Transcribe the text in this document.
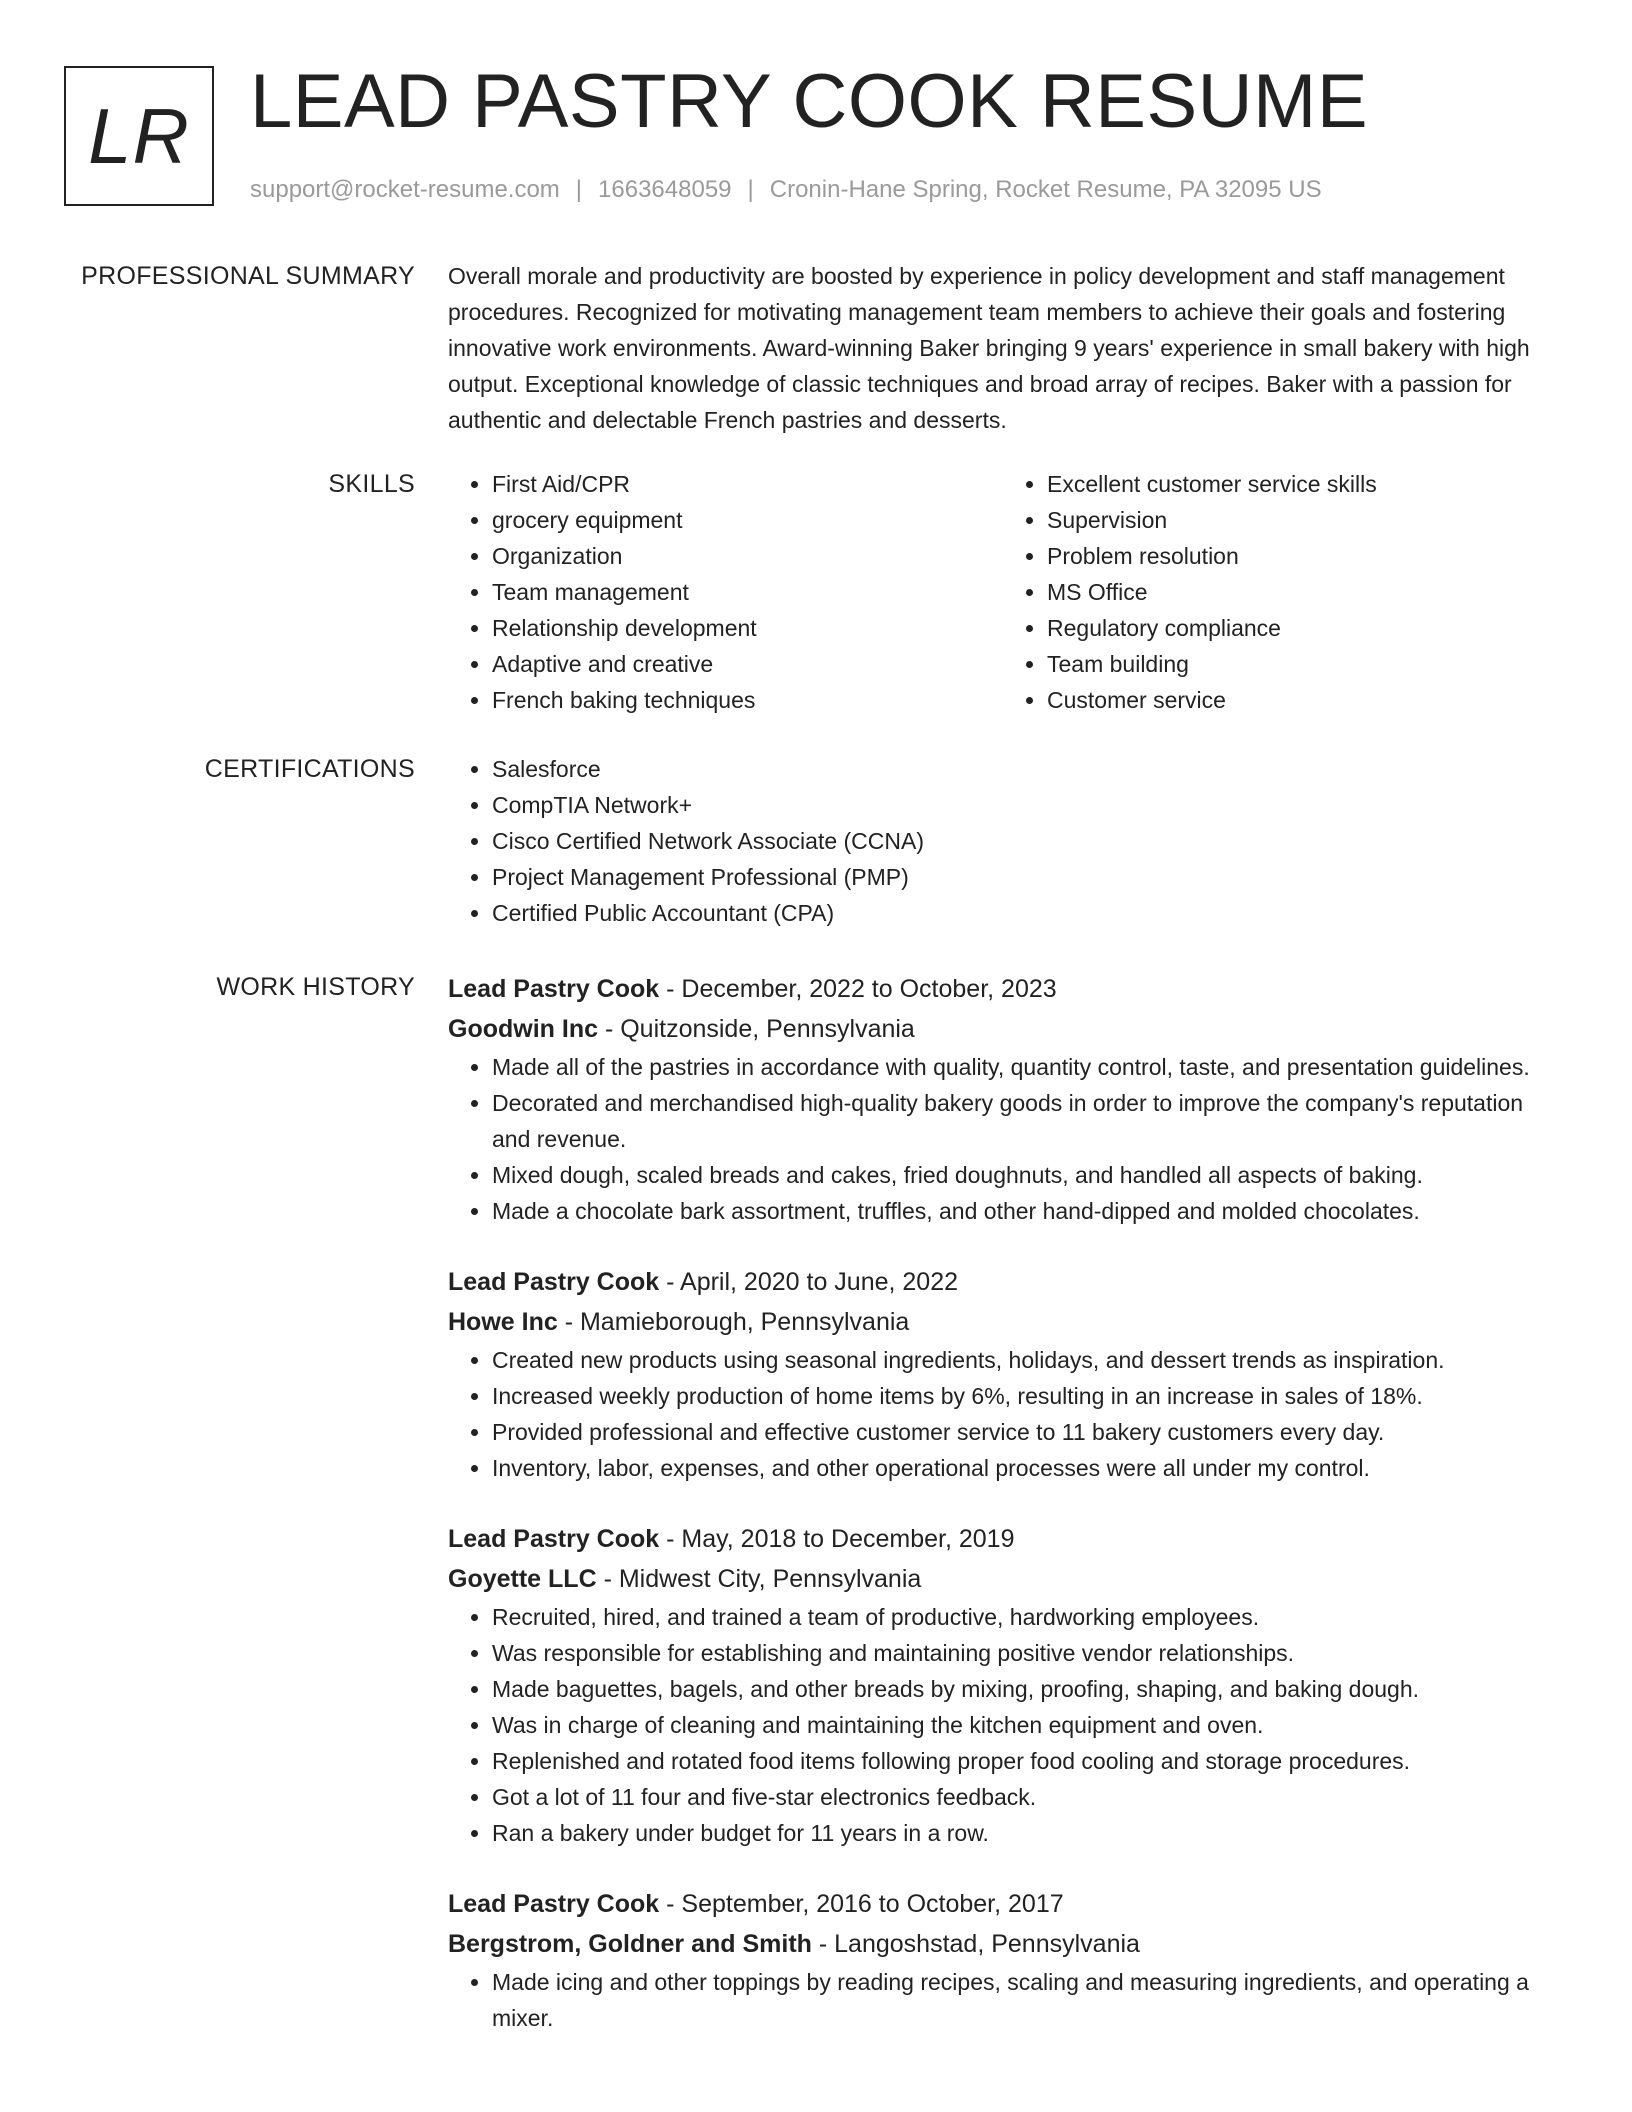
LR LEAD PASTRY COOK RESUME
support@rocket-resume.com | 1663648059 | Cronin-Hane Spring, Rocket Resume, PA 32095 US
PROFESSIONAL SUMMARY Overall morale and productivity are boosted by experience in policy development and staff management procedures. Recognized for motivating management team members to achieve their goals and fostering innovative work environments. Award-winning Baker bringing 9 years' experience in small bakery with high output. Exceptional knowledge of classic techniques and broad array of recipes. Baker with a passion for authentic and delectable French pastries and desserts.

SKILLS	• First Aid/CPR
• grocery equipment
• Organization
• Team management
• Relationship development
• Adaptive and creative
• French baking techniques
• Excellent customer service skills
• Supervision
• Problem resolution
• MS Office
• Regulatory compliance
• Team building
• Customer service
CERTIFICATIONS	• Salesforce
• CompTIA Network+
• Cisco Certified Network Associate (CCNA)
• Project Management Professional (PMP)
• Certified Public Accountant (CPA)
WORK HISTORY Lead Pastry Cook - December, 2022 to October, 2023
Goodwin Inc - Quitzonside, Pennsylvania
• Made all of the pastries in accordance with quality, quantity control, taste, and presentation guidelines.
• Decorated and merchandised high-quality bakery goods in order to improve the company's reputation and revenue.
• Mixed dough, scaled breads and cakes, fried doughnuts, and handled all aspects of baking.
• Made a chocolate bark assortment, truffles, and other hand-dipped and molded chocolates.
Lead Pastry Cook - April, 2020 to June, 2022
Howe Inc - Mamieborough, Pennsylvania
• Created new products using seasonal ingredients, holidays, and dessert trends as inspiration.
• Increased weekly production of home items by 6%, resulting in an increase in sales of 18%.
• Provided professional and effective customer service to 11 bakery customers every day.
• Inventory, labor, expenses, and other operational processes were all under my control.
Lead Pastry Cook - May, 2018 to December, 2019
Goyette LLC - Midwest City, Pennsylvania
• Recruited, hired, and trained a team of productive, hardworking employees.
• Was responsible for establishing and maintaining positive vendor relationships.
• Made baguettes, bagels, and other breads by mixing, proofing, shaping, and baking dough.
• Was in charge of cleaning and maintaining the kitchen equipment and oven.
• Replenished and rotated food items following proper food cooling and storage procedures.
• Got a lot of 11 four and five-star electronics feedback.
• Ran a bakery under budget for 11 years in a row.
Lead Pastry Cook - September, 2016 to October, 2017
Bergstrom, Goldner and Smith - Langoshstad, Pennsylvania
• Made icing and other toppings by reading recipes, scaling and measuring ingredients, and operating a mixer.
